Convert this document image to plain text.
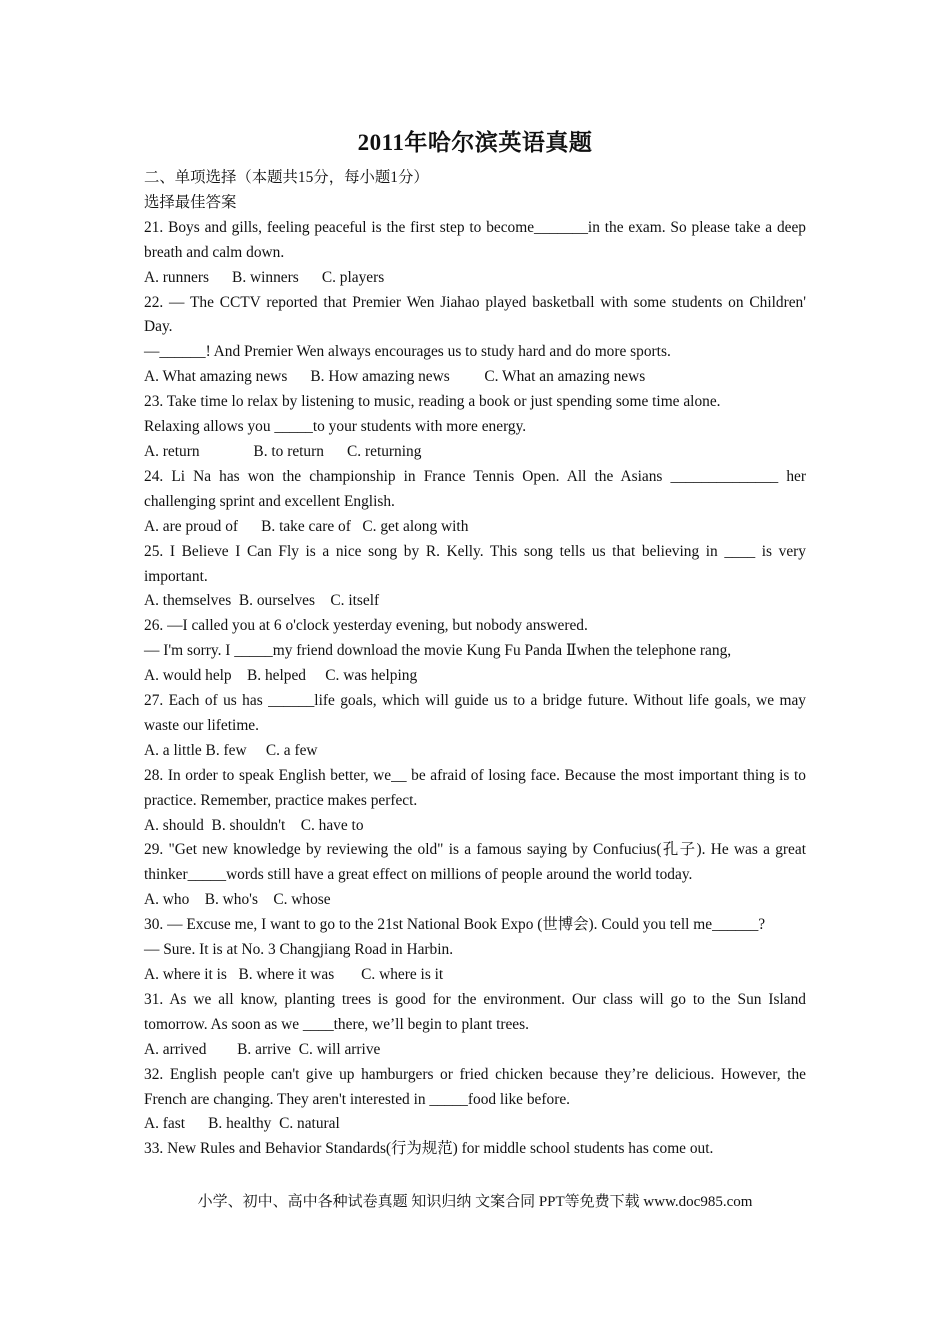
2011年哈尔滨英语真题

二、单项选择（本题共15分，每小题1分）

选择最佳答案

21. Boys and gills, feeling peaceful is the first step to become_______in the exam. So please take a deep breath and calm down.

A. runners      B. winners      C. players

22. — The CCTV reported that Premier Wen Jiahao played basketball with some students on Children' Day.

—______! And Premier Wen always encourages us to study hard and do more sports.

A. What amazing news      B. How amazing news         C. What an amazing news

23. Take time lo relax by listening to music, reading a book or just spending some time alone.

Relaxing allows you _____to your students with more energy.

A. return              B. to return      C. returning

24. Li Na has won the championship in France Tennis Open. All the Asians ______________ her challenging sprint and excellent English.

A. are proud of      B. take care of   C. get along with

25. I Believe I Can Fly is a nice song by R. Kelly. This song tells us that believing in ____ is very important.

A. themselves  B. ourselves    C. itself

26. —I called you at 6 o'clock yesterday evening, but nobody answered.

— I'm sorry. I _____my friend download the movie Kung Fu Panda Ⅱwhen the telephone rang,

A. would help    B. helped     C. was helping

27. Each of us has ______life goals, which will guide us to a bridge future. Without life goals, we may waste our lifetime.

A. a little B. few     C. a few

28. In order to speak English better, we__ be afraid of losing face. Because the most important thing is to practice. Remember, practice makes perfect.

A. should  B. shouldn't    C. have to

29. "Get new knowledge by reviewing the old" is a famous saying by Confucius(孔子). He was a great thinker_____words still have a great effect on millions of people around the world today.

A. who    B. who's    C. whose

30. — Excuse me, I want to go to the 21st National Book Expo (世博会). Could you tell me______?

— Sure. It is at No. 3 Changjiang Road in Harbin.

A. where it is   B. where it was       C. where is it

31. As we all know, planting trees is good for the environment. Our class will go to the Sun Island tomorrow. As soon as we ____there, we’ll begin to plant trees.

A. arrived        B. arrive  C. will arrive

32. English people can't give up hamburgers or fried chicken because they’re delicious. However, the French are changing. They aren't interested in _____food like before.

A. fast      B. healthy  C. natural

33. New Rules and Behavior Standards(行为规范) for middle school students has come out.

小学、初中、高中各种试卷真题 知识归纳 文案合同 PPT等免费下载 www.doc985.com
